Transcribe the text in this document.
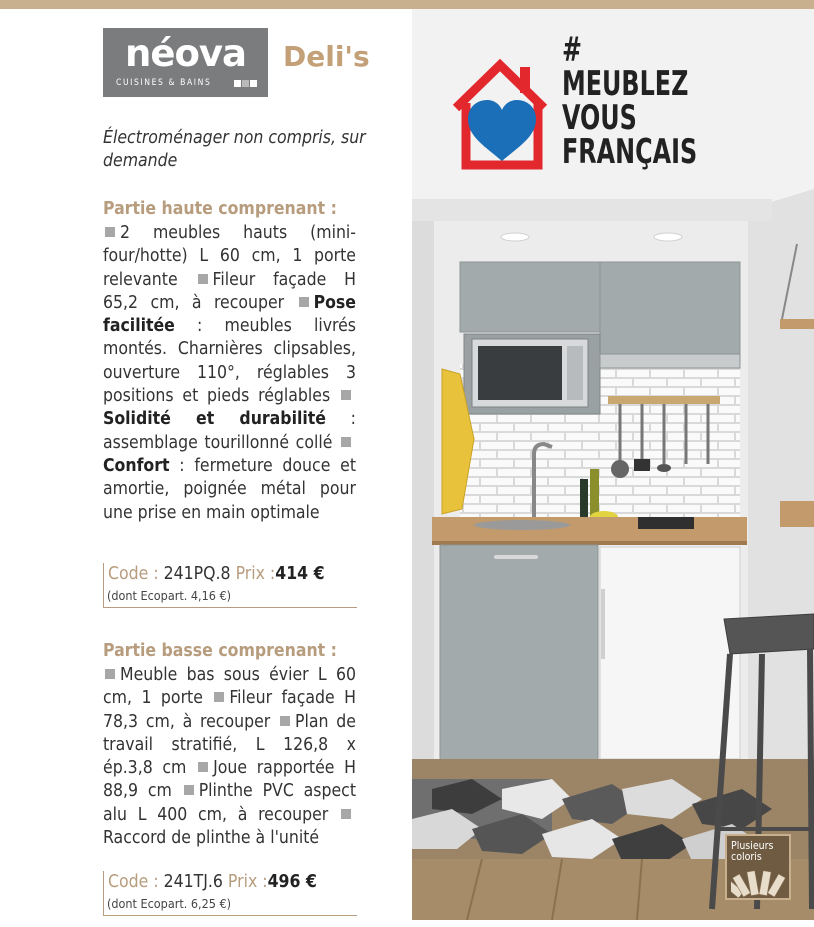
néova
CUISINES & BAINS
Deli's
Électroménager non compris, sur demande
Partie haute comprenant :
2 meubles hauts (mini-four/hotte) L 60 cm, 1 porte relevante Fileur façade H 65,2 cm, à recouper Pose facilitée : meubles livrés montés. Charnières clipsables, ouverture 110°, réglables 3 positions et pieds réglables Solidité et durabilité : assemblage tourillonné collé Confort : fermeture douce et amortie, poignée métal pour une prise en main optimale
Code : 241PQ.8 Prix :414 €
(dont Ecopart. 4,16 €)
Partie basse comprenant :
Meuble bas sous évier L 60 cm, 1 porte Fileur façade H 78,3 cm, à recouper Plan de travail stratifié, L 126,8 x ép.3,8 cm Joue rapportée H 88,9 cm Plinthe PVC aspect alu L 400 cm, à recouper Raccord de plinthe à l'unité
Code : 241TJ.6 Prix :496 €
(dont Ecopart. 6,25 €)
#
MEUBLEZ
VOUS
FRANÇAIS
Plusieurs
coloris
